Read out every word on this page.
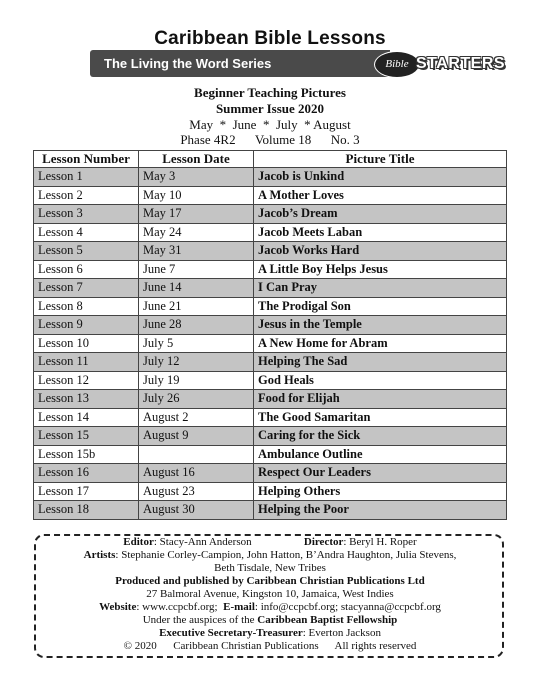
Caribbean Bible Lessons
The Living the Word Series	Bible STARTERS
Beginner Teaching Pictures
Summer Issue 2020
May  *  June  *  July  * August
Phase 4R2      Volume 18      No. 3
Lesson Number	Lesson Date	Picture Title
Lesson 1	May 3	Jacob is Unkind
Lesson 2	May 10	A Mother Loves
Lesson 3	May 17	Jacob’s Dream
Lesson 4	May 24	Jacob Meets Laban
Lesson 5	May 31	Jacob Works Hard
Lesson 6	June 7	A Little Boy Helps Jesus
Lesson 7	June 14	I Can Pray
Lesson 8	June 21	The Prodigal Son
Lesson 9	June 28	Jesus in the Temple
Lesson 10	July 5	A New Home for Abram
Lesson 11	July 12	Helping The Sad
Lesson 12	July 19	God Heals
Lesson 13	July 26	Food for Elijah
Lesson 14	August 2	The Good Samaritan
Lesson 15	August 9	Caring for the Sick
Lesson 15b		Ambulance Outline
Lesson 16	August 16	Respect Our Leaders
Lesson 17	August 23	Helping Others
Lesson 18	August 30	Helping the Poor
Editor: Stacy-Ann Anderson	Director: Beryl H. Roper
Artists: Stephanie Corley-Campion, John Hatton, B’Andra Haughton, Julia Stevens,
Beth Tisdale, New Tribes
Produced and published by Caribbean Christian Publications Ltd
27 Balmoral Avenue, Kingston 10, Jamaica, West Indies
Website: www.ccpcbf.org; E-mail: info@ccpcbf.org; stacyanna@ccpcbf.org
Under the auspices of the Caribbean Baptist Fellowship
Executive Secretary-Treasurer: Everton Jackson
© 2020      Caribbean Christian Publications      All rights reserved
